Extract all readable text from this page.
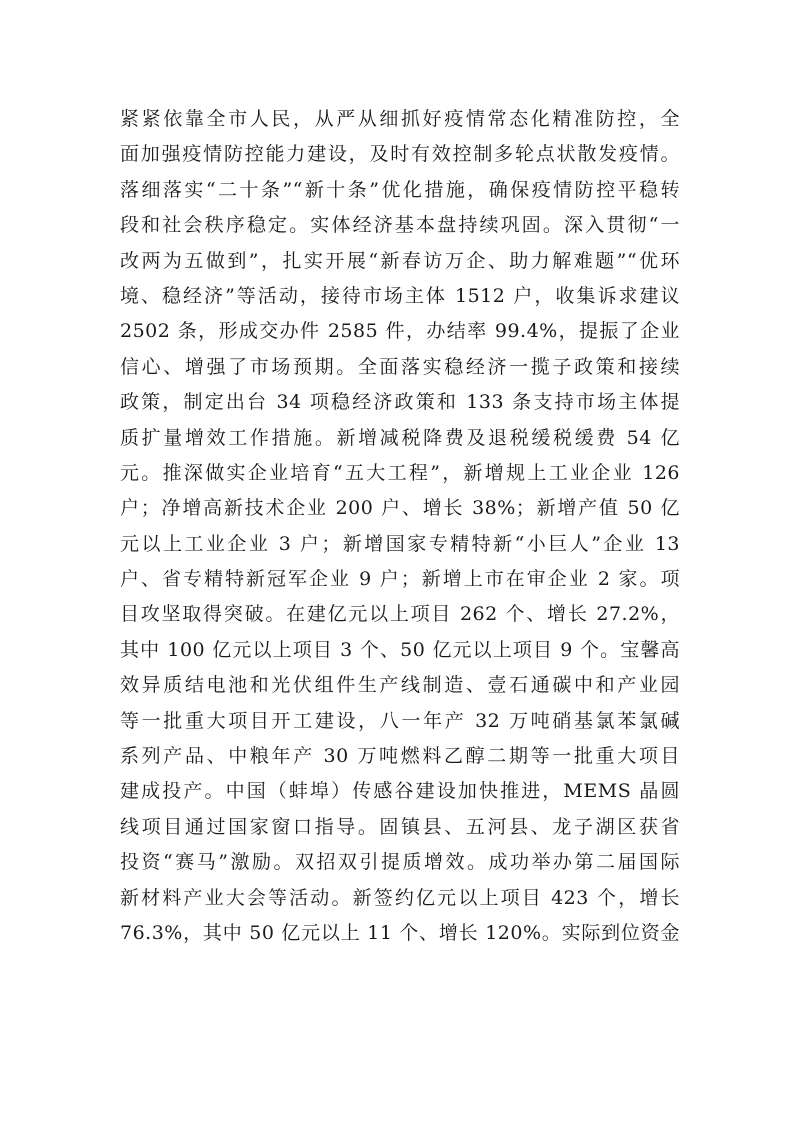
紧紧依靠全市人民，从严从细抓好疫情常态化精准防控，全
面加强疫情防控能力建设，及时有效控制多轮点状散发疫情。
落细落实“二十条”“新十条”优化措施，确保疫情防控平稳转
段和社会秩序稳定。实体经济基本盘持续巩固。深入贯彻“一
改两为五做到”，扎实开展“新春访万企、助力解难题”“优环
境、稳经济”等活动，接待市场主体 1512 户，收集诉求建议
2502 条，形成交办件 2585 件，办结率 99.4%，提振了企业
信心、增强了市场预期。全面落实稳经济一揽子政策和接续
政策，制定出台 34 项稳经济政策和 133 条支持市场主体提
质扩量增效工作措施。新增减税降费及退税缓税缓费 54 亿
元。推深做实企业培育“五大工程”，新增规上工业企业 126
户；净增高新技术企业 200 户、增长 38%；新增产值 50 亿
元以上工业企业 3 户；新增国家专精特新“小巨人”企业 13
户、省专精特新冠军企业 9 户；新增上市在审企业 2 家。项
目攻坚取得突破。在建亿元以上项目 262 个、增长 27.2%，
其中 100 亿元以上项目 3 个、50 亿元以上项目 9 个。宝馨高
效异质结电池和光伏组件生产线制造、壹石通碳中和产业园
等一批重大项目开工建设，八一年产 32 万吨硝基氯苯氯碱
系列产品、中粮年产 30 万吨燃料乙醇二期等一批重大项目
建成投产。中国（蚌埠）传感谷建设加快推进，MEMS 晶圆
线项目通过国家窗口指导。固镇县、五河县、龙子湖区获省
投资“赛马”激励。双招双引提质增效。成功举办第二届国际
新材料产业大会等活动。新签约亿元以上项目 423 个，增长
76.3%，其中 50 亿元以上 11 个、增长 120%。实际到位资金
